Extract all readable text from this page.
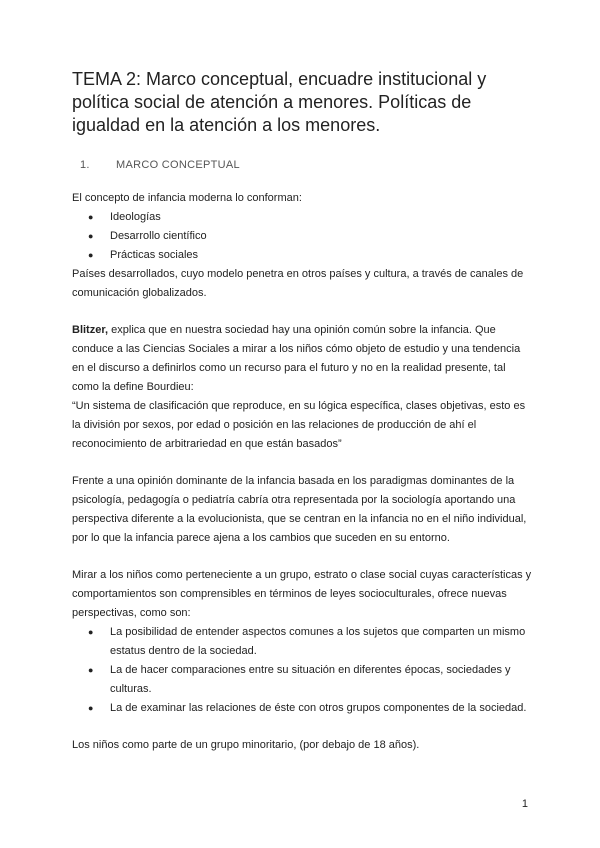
TEMA 2: Marco conceptual, encuadre institucional y política social de atención a menores. Políticas de igualdad en la atención a los menores.
1.	MARCO CONCEPTUAL

El concepto de infancia moderna lo conforman:

●	Ideologías
●	Desarrollo científico
●	Prácticas sociales

Países desarrollados, cuyo modelo penetra en otros países y cultura, a través de canales de comunicación globalizados.

Blitzer, explica que en nuestra sociedad hay una opinión común sobre la infancia. Que conduce a las Ciencias Sociales a mirar a los niños cómo objeto de estudio y una tendencia en el discurso a definirlos como un recurso para el futuro y no en la realidad presente, tal como la define Bourdieu:

“Un sistema de clasificación que reproduce, en su lógica específica, clases objetivas, esto es la división por sexos, por edad o posición en las relaciones de producción de ahí el reconocimiento de arbitrariedad en que están basados”

Frente a una opinión dominante de la infancia basada en los paradigmas dominantes de la psicología, pedagogía o pediatría cabría otra representada por la sociología aportando una perspectiva diferente a la evolucionista, que se centran en la infancia no en el niño individual, por lo que la infancia parece ajena a los cambios que suceden en su entorno.

Mirar a los niños como perteneciente a un grupo, estrato o clase social cuyas características y comportamientos son comprensibles en términos de leyes socioculturales, ofrece nuevas perspectivas, como son:

●	La posibilidad de entender aspectos comunes a los sujetos que comparten un mismo estatus dentro de la sociedad.
●	La de hacer comparaciones entre su situación en diferentes épocas, sociedades y culturas.
●	La de examinar las relaciones de éste con otros grupos componentes de la sociedad.

Los niños como parte de un grupo minoritario, (por debajo de 18 años).

1
